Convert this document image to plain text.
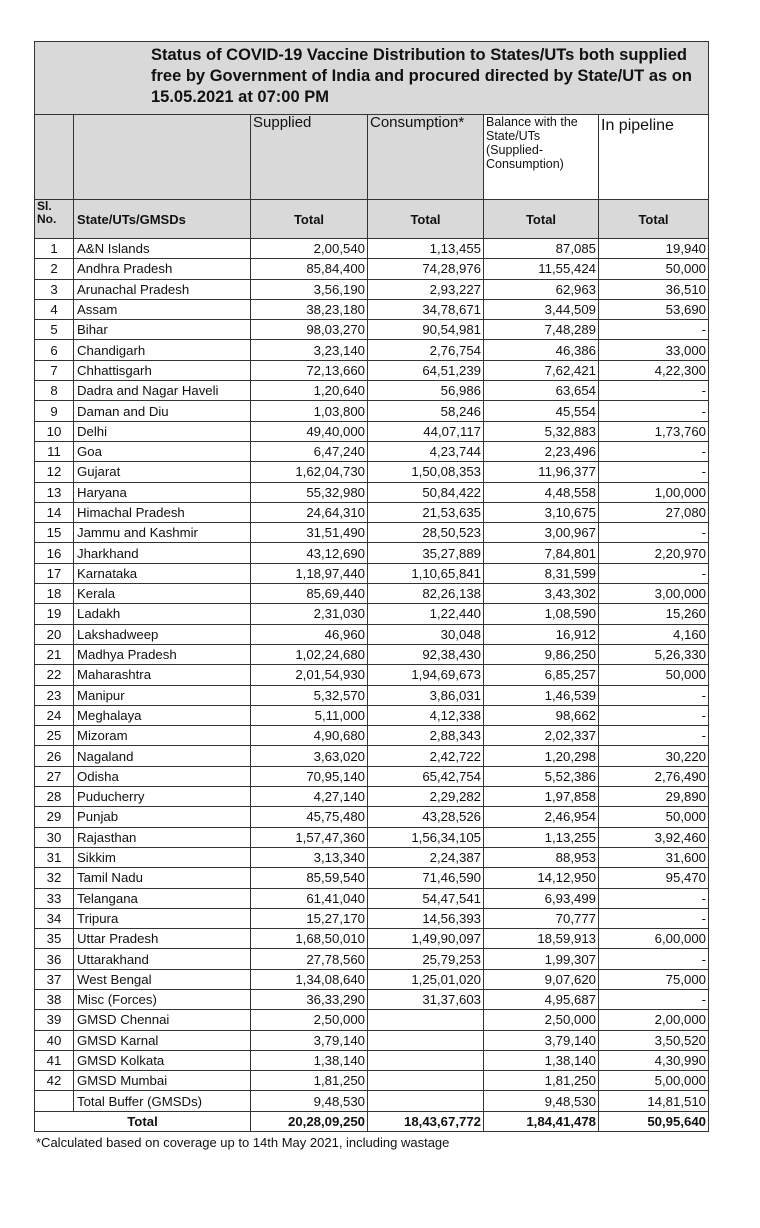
Status of COVID-19 Vaccine Distribution to States/UTs both supplied free by Government of India and procured directed by State/UT as on 15.05.2021 at 07:00 PM					

		Supplied	Consumption*	Balance with the State/UTs (Supplied-Consumption)	In pipeline

Sl. No.	State/UTs/GMSDs	Total	Total	Total	Total
1	A&N Islands	2,00,540	1,13,455	87,085	19,940
2	Andhra Pradesh	85,84,400	74,28,976	11,55,424	50,000
3	Arunachal Pradesh	3,56,190	2,93,227	62,963	36,510
4	Assam	38,23,180	34,78,671	3,44,509	53,690
5	Bihar	98,03,270	90,54,981	7,48,289	-
6	Chandigarh	3,23,140	2,76,754	46,386	33,000
7	Chhattisgarh	72,13,660	64,51,239	7,62,421	4,22,300
8	Dadra and Nagar Haveli	1,20,640	56,986	63,654	-
9	Daman and Diu	1,03,800	58,246	45,554	-
10	Delhi	49,40,000	44,07,117	5,32,883	1,73,760
11	Goa	6,47,240	4,23,744	2,23,496	-
12	Gujarat	1,62,04,730	1,50,08,353	11,96,377	-
13	Haryana	55,32,980	50,84,422	4,48,558	1,00,000
14	Himachal Pradesh	24,64,310	21,53,635	3,10,675	27,080
15	Jammu and Kashmir	31,51,490	28,50,523	3,00,967	-
16	Jharkhand	43,12,690	35,27,889	7,84,801	2,20,970
17	Karnataka	1,18,97,440	1,10,65,841	8,31,599	-
18	Kerala	85,69,440	82,26,138	3,43,302	3,00,000
19	Ladakh	2,31,030	1,22,440	1,08,590	15,260
20	Lakshadweep	46,960	30,048	16,912	4,160
21	Madhya Pradesh	1,02,24,680	92,38,430	9,86,250	5,26,330
22	Maharashtra	2,01,54,930	1,94,69,673	6,85,257	50,000
23	Manipur	5,32,570	3,86,031	1,46,539	-
24	Meghalaya	5,11,000	4,12,338	98,662	-
25	Mizoram	4,90,680	2,88,343	2,02,337	-
26	Nagaland	3,63,020	2,42,722	1,20,298	30,220
27	Odisha	70,95,140	65,42,754	5,52,386	2,76,490
28	Puducherry	4,27,140	2,29,282	1,97,858	29,890
29	Punjab	45,75,480	43,28,526	2,46,954	50,000
30	Rajasthan	1,57,47,360	1,56,34,105	1,13,255	3,92,460
31	Sikkim	3,13,340	2,24,387	88,953	31,600
32	Tamil Nadu	85,59,540	71,46,590	14,12,950	95,470
33	Telangana	61,41,040	54,47,541	6,93,499	-
34	Tripura	15,27,170	14,56,393	70,777	-
35	Uttar Pradesh	1,68,50,010	1,49,90,097	18,59,913	6,00,000
36	Uttarakhand	27,78,560	25,79,253	1,99,307	-
37	West Bengal	1,34,08,640	1,25,01,020	9,07,620	75,000
38	Misc (Forces)	36,33,290	31,37,603	4,95,687	-
39	GMSD Chennai	2,50,000		2,50,000	2,00,000
40	GMSD Karnal	3,79,140		3,79,140	3,50,520
41	GMSD Kolkata	1,38,140		1,38,140	4,30,990
42	GMSD Mumbai	1,81,250		1,81,250	5,00,000
	Total Buffer (GMSDs)	9,48,530		9,48,530	14,81,510
Total		20,28,09,250	18,43,67,772	1,84,41,478	50,95,640
*Calculated based on coverage up to 14th May 2021, including wastage
